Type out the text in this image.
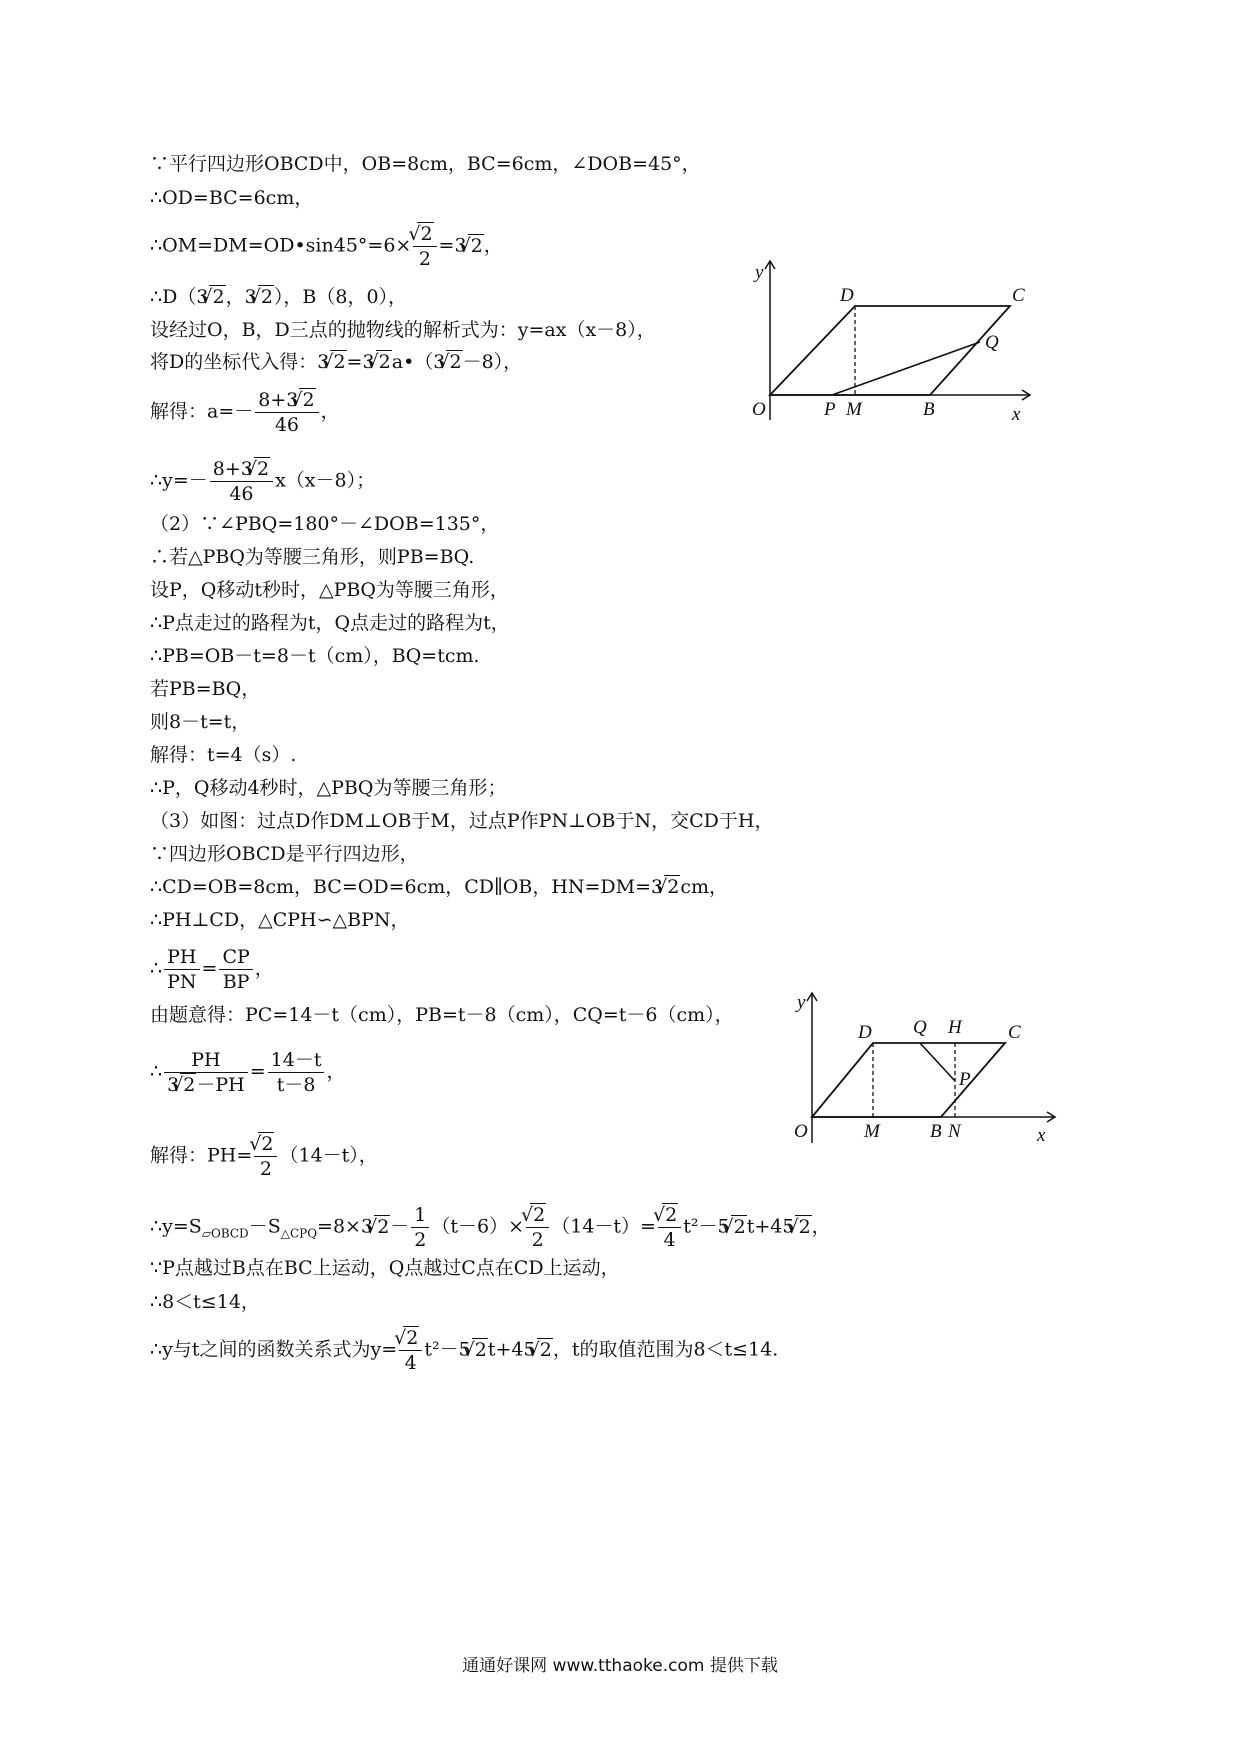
∵平行四边形OBCD中，OB=8cm，BC=6cm，∠DOB=45°，
∴OD=BC=6cm，
∴OM=DM=OD•sin45°=6×
√ $\frac{2}{2} =3√$ 2，
∴D（3√ 2，3√ 2），B（8，0），
设经过O，B，D三点的抛物线的解析式为：y=ax（x－8），
将D的坐标代入得：3√ 2=3√ 2a•（3√ 2－8），
解得：$a=- \frac{8+3√ 2}{46}$ ，
∴y=－ $\frac{8+3√ 2}{46} x(x-8)$；
（2）∵∠PBQ=180°－∠DOB=135°，
∴若△PBQ为等腰三角形，则PB=BQ.
设P，Q移动t秒时，△PBQ为等腰三角形，
∴P点走过的路程为t，Q点走过的路程为t，
∴PB=OB－t=8－t（cm），BQ=tcm.
若PB=BQ，
则8－t=t，
解得：t=4（s）.
∴P，Q移动4秒时，△PBQ为等腰三角形；
（3）如图：过点D作DM⊥OB于M，过点P作PN⊥OB于N，交CD于H，
∵四边形OBCD是平行四边形，
∴CD=OB=8cm，BC=OD=6cm，CD∥OB，HN=DM=3√ 2cm，
∴PH⊥CD，△CPH∽△BPN，
∴ $\frac{PH}{PN} = \frac{CP}{BP}$ ，
由题意得：PC=14－t（cm），PB=t－8（cm），CQ=t－6（cm），
∴ $\frac{PH}{3√ 2-PH} = \frac{14-t}{t-8}$ ，
解得：PH=
√ $\frac{2}{2} (14-t)$，
$\therefore y=S_{▱OBCD}-S_{\triangle CPQ}=8\times 3√$ $2- \frac{1}{2} (t-6)\times$
√ $\frac{2}{2} (14-t)=$
√ $\frac{2}{4} t^2-5√$ 2t+45√ 2，
∵P点越过B点在BC上运动，Q点越过C点在CD上运动，
∴8＜t≤14，
∴y与t之间的函数关系式为y=
√ $\frac{2}{4} t^2-5√$ 2t+45√ 2，t的取值范围为8＜t≤14.
y
D	C
Q
O	P M	B	x
y
D Q H C
P
O	M	B N	x
通通好课网 www.tthaoke.com 提供下载
